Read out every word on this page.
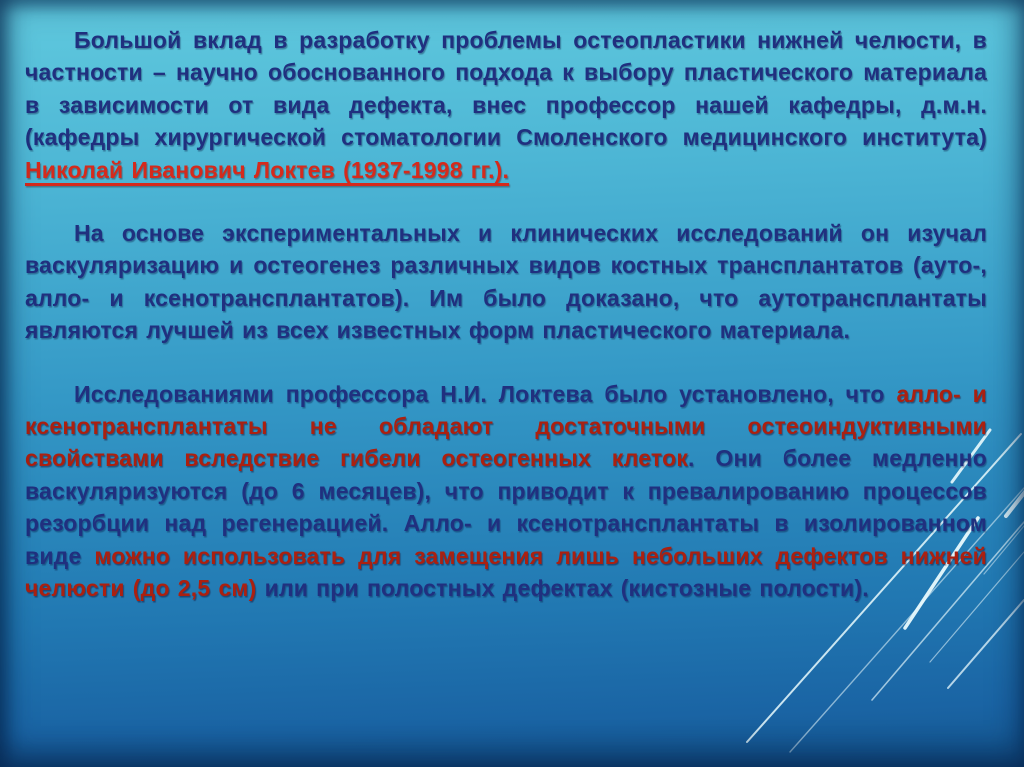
Большой вклад в разработку проблемы остеопластики нижней челюсти, в частности – научно обоснованного подхода к выбору пластического материала в зависимости от вида дефекта, внес профессор нашей кафедры, д.м.н. (кафедры хирургической стоматологии Смоленского медицинского института) Николай Иванович Локтев (1937-1998 гг.).

На основе экспериментальных и клинических исследований он изучал васкуляризацию и остеогенез различных видов костных трансплантатов (ауто-, алло- и ксенотрансплантатов). Им было доказано, что аутотрансплантаты являются лучшей из всех известных форм пластического материала.

Исследованиями профессора Н.И. Локтева было установлено, что алло- и ксенотрансплантаты не обладают достаточными остеоиндуктивными свойствами вследствие гибели остеогенных клеток. Они более медленно васкуляризуются (до 6 месяцев), что приводит к превалированию процессов резорбции над регенерацией. Алло- и ксенотрансплантаты в изолированном виде можно использовать для замещения лишь небольших дефектов нижней челюсти (до 2,5 см) или при полостных дефектах (кистозные полости).
